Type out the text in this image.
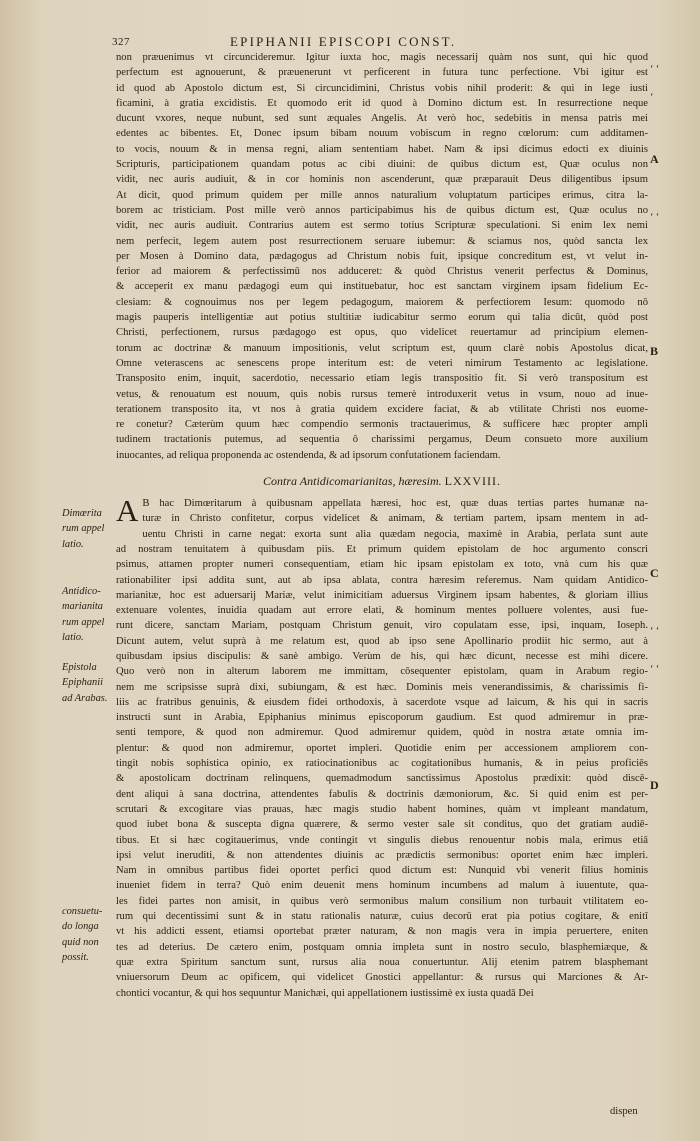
327	EPIPHANII EPISCOPI CONST.
non præuenimus vt circuncideremur. Igitur iuxta hoc, magis necessarij quàm nos sunt, qui hic quod
perfectum est agnouerunt, & præuenerunt vt perficerent in futura tunc perfectione. Vbi igitur est
id quod ab Apostolo dictum est, Si circuncidimini, Christus vobis nihil proderit: & qui in lege iusti
ficamini, à gratia excidistis. Et quomodo erit id quod à Domino dictum est. In resurrectione neque
ducunt vxores, neque nubunt, sed sunt æquales Angelis. At verò hoc, sedebitis in mensa patris mei
edentes ac bibentes. Et, Donec ipsum bibam nouum vobiscum in regno cœlorum: cum additamen-
to vocis, nouum & in mensa regni, aliam sententiam habet. Nam & ipsi dicimus edocti ex diuinis
Scripturis, participationem quandam potus ac cibi diuini: de quibus dictum est, Quæ oculus non
vidit, nec auris audiuit, & in cor hominis non ascenderunt, quæ præparauit Deus diligentibus ipsum
At dicit, quod primum quidem per mille annos naturalium voluptatum participes erimus, citra la-
borem ac tristiciam. Post mille verò annos participabimus his de quibus dictum est, Quæ oculus no
vidit, nec auris audiuit. Contrarius autem est sermo totius Scripturæ speculationi. Si enim lex nemi
nem perfecit, legem autem post resurrectionem seruare iubemur: & sciamus nos, quòd sancta lex
per Mosen à Domino data, pædagogus ad Christum nobis fuit, ipsique concreditum est, vt velut in-
ferior ad maiorem & perfectissimū nos adduceret: & quòd Christus venerit perfectus & Dominus,
& acceperit ex manu pædagogi eum qui instituebatur, hoc est sanctam virginem ipsam fidelium Ec-
clesiam: & cognouimus nos per legem pedagogum, maiorem & perfectiorem Iesum: quomodo nō
magis pauperis intelligentiæ aut potius stultitiæ iudicabitur sermo eorum qui talia dicūt, quòd post
Christi, perfectionem, rursus pædagogo est opus, quo videlicet reuertamur ad principium elemen-
torum ac doctrinæ & manuum impositionis, velut scriptum est, quum clarè nobis Apostolus dicat,
Omne veterascens ac senescens prope interitum est: de veteri nimirum Testamento ac legislatione.
Transposito enim, inquit, sacerdotio, necessario etiam legis transpositio fit. Si verò transpositum est
vetus, & renouatum est nouum, quis nobis rursus temerè introduxerit vetus in vsum, nouo ad inue-
terationem transposito ita, vt nos à gratia quidem excidere faciat, & ab vtilitate Christi nos euome-
re conetur? Cæterùm quum hæc compendio sermonis tractauerimus, & sufficere hæc propter ampli
tudinem tractationis putemus, ad sequentia ô charissimi pergamus, Deum consueto more auxilium
inuocantes, ad reliqua proponenda ac ostendenda, & ad ipsorum confutationem faciendam.
Contra Antidicomarianitas, hæresim. LXXVIII.
A B hac Dimœritarum à quibusnam appellata hæresi, hoc est, quæ duas tertias partes humanæ na-
turæ in Christo confitetur, corpus videlicet & animam, & tertiam partem, ipsam mentem in ad-
uentu Christi in carne negat: exorta sunt alia quædam negocia, maximè in Arabia, perlata sunt aute
ad nostram tenuitatem à quibusdam piis. Et primum quidem epistolam de hoc argumento conscri
psimus, attamen propter numeri consequentiam, etiam hic ipsam epistolam ex toto, vnà cum his quæ
rationabiliter ipsi addita sunt, aut ab ipsa ablata, contra hæresim referemus. Nam quidam Antidico-
marianitæ, hoc est aduersarij Mariæ, velut inimicitiam aduersus Virginem ipsam habentes, & gloriam illius
extenuare volentes, inuidia quadam aut errore elati, & hominum mentes polluere volentes, ausi fue-
runt dicere, sanctam Mariam, postquam Christum genuit, viro copulatam esse, ipsi, inquam, Ioseph.
Dicunt autem, velut suprà à me relatum est, quod ab ipso sene Apollinario prodiit hic sermo, aut à
quibusdam ipsius discipulis: & sanè ambigo. Verùm de his, qui hæc dicunt, necesse est mihi dicere.
Quo verò non in alterum laborem me immittam, cōsequenter epistolam, quam in Arabum regio-
nem me scripsisse suprà dixi, subiungam, & est hæc. Dominis meis venerandissimis, & charissimis fi-
liis ac fratribus genuinis, & eiusdem fidei orthodoxis, à sacerdote vsque ad laicum, & his qui in sacris
instructi sunt in Arabia, Epiphanius minimus episcoporum gaudium. Est quod admiremur in præ-
senti tempore, & quod non admiremur. Quod admiremur quidem, quòd in nostra ætate omnia im-
plentur: & quod non admiremur, oportet impleri. Quotidie enim per accessionem ampliorem con-
tingit nobis sophistica opinio, ex ratiocinationibus ac cogitationibus humanis, & in peius proficiēs
& apostolicam doctrinam relinquens, quemadmodum sanctissimus Apostolus prædixit: quòd discē-
dent aliqui à sana doctrina, attendentes fabulis & doctrinis dæmoniorum, &c. Si quid enim est per-
scrutari & excogitare vias prauas, hæc magis studio habent homines, quàm vt impleant mandatum,
quod iubet bona & suscepta digna quærere, & sermo vester sale sit conditus, quo det gratiam audiē-
tibus. Et si hæc cogitauerimus, vnde contingit vt singulis diebus renouentur nobis mala, erimus etiā
ipsi velut ineruditi, & non attendentes diuinis ac prædictis sermonibus: oportet enim hæc impleri.
Nam in omnibus partibus fidei oportet perfici quod dictum est: Nunquid vbi venerit filius hominis
inueniet fidem in terra? Quò enim deuenit mens hominum incumbens ad malum à iuuentute, qua-
les fidei partes non amisit, in quibus verò sermonibus malum consilium non turbauit vtilitatem eo-
rum qui decentissimi sunt & in statu rationalis naturæ, cuius decorū erat pia potius cogitare, & enitī
vt his addicti essent, etiamsi oportebat præter naturam, & non magis vera in impia peruertere, eniten
tes ad deterius. De cætero enim, postquam omnia impleta sunt in nostro seculo, blasphemiæque, &
quæ extra Spiritum sanctum sunt, rursus alia noua conuertuntur. Alij etenim patrem blasphemant
vniuersorum Deum ac opificem, qui videlicet Gnostici appellantur: & rursus qui Marciones & Ar-
chontici vocantur, & qui hos sequuntur Manichæi, qui appellationem iustissimè ex iusta quadā Dei
Dimœrita rum appel latio.
Antidico- marianita rum appel latio.
Epistola Epiphanii ad Arabas.
consuetu- do longa quid non possit.
A
B
C
D
‘ ‘
‘
‘ ‘
‘ ‘
‘ ‘
dispen
